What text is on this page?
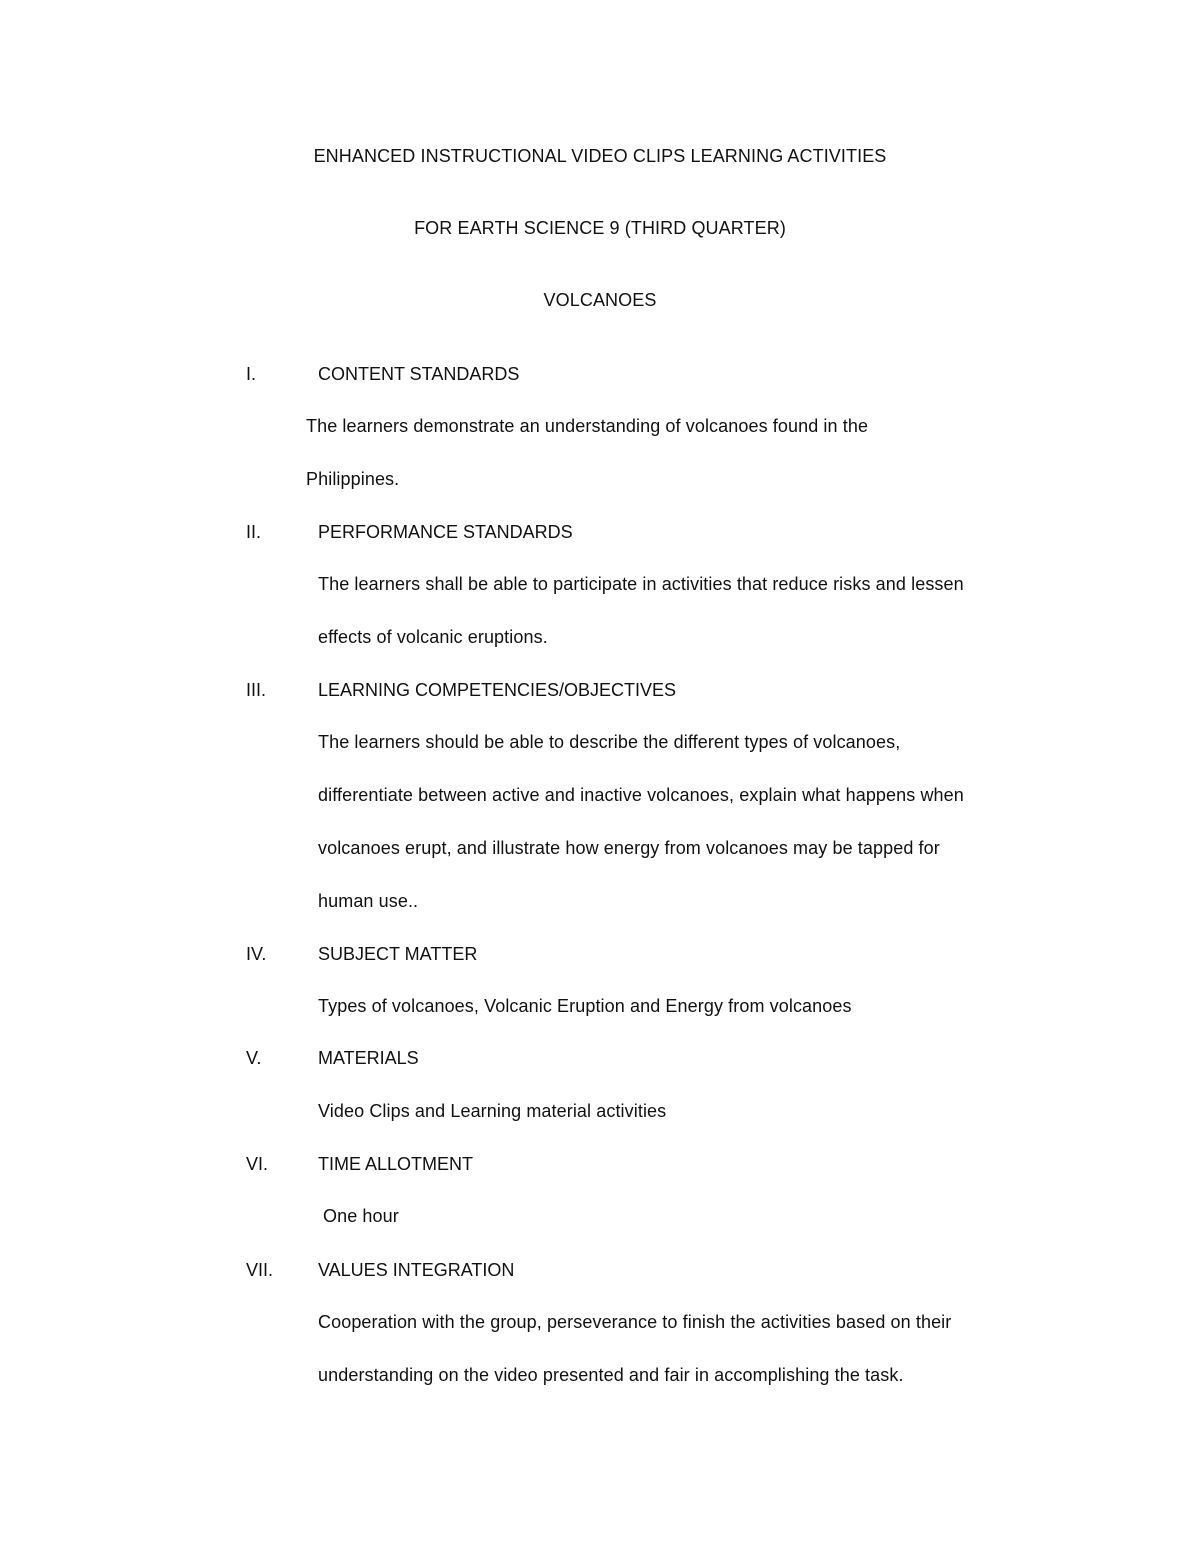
ENHANCED INSTRUCTIONAL VIDEO CLIPS LEARNING ACTIVITIES
FOR EARTH SCIENCE 9 (THIRD QUARTER)
VOLCANOES
I.	CONTENT STANDARDS
The learners demonstrate an understanding of volcanoes found in the
Philippines.
II.	PERFORMANCE STANDARDS
The learners shall be able to participate in activities that reduce risks and lessen
effects of volcanic eruptions.
III.	LEARNING COMPETENCIES/OBJECTIVES
The learners should be able to describe the different types of volcanoes,
differentiate between active and inactive volcanoes, explain what happens when
volcanoes erupt, and illustrate how energy from volcanoes may be tapped for
human use..
IV.	SUBJECT MATTER
Types of volcanoes, Volcanic Eruption and Energy from volcanoes
V.	MATERIALS
Video Clips and Learning material activities
VI.	TIME ALLOTMENT
One hour
VII. VALUES INTEGRATION
Cooperation with the group, perseverance to finish the activities based on their
understanding on the video presented and fair in accomplishing the task.
